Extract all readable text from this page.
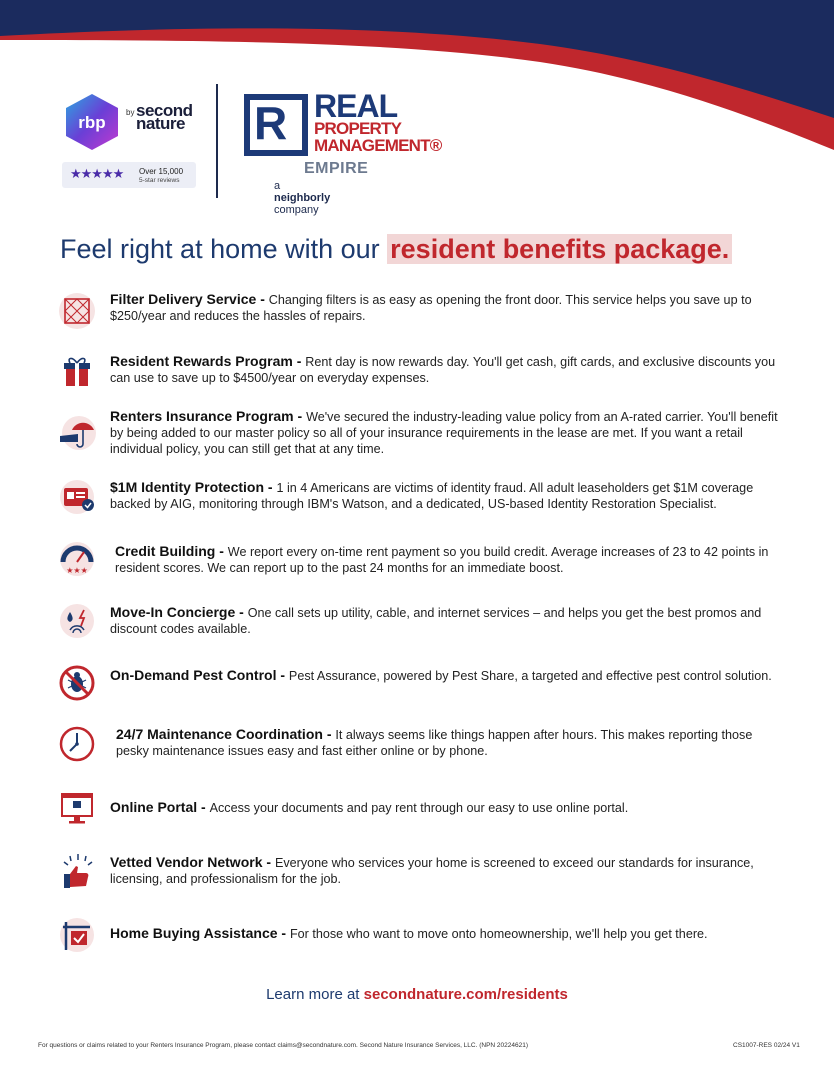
rbp
by second nature
★★★★★ Over 15,000
5-star reviews
R REAL
PROPERTY
MANAGEMENT®
EMPIRE
a neighborly company
Feel right at home with our resident benefits package.
Filter Delivery Service - Changing filters is as easy as opening the front door. This service helps you save up to $250/year and reduces the hassles of repairs.
Resident Rewards Program - Rent day is now rewards day. You'll get cash, gift cards, and exclusive discounts you can use to save up to $4500/year on everyday expenses.
Renters Insurance Program - We've secured the industry-leading value policy from an A-rated carrier. You'll benefit by being added to our master policy so all of your insurance requirements in the lease are met. If you want a retail individual policy, you can still get that at any time.
$1M Identity Protection - 1 in 4 Americans are victims of identity fraud. All adult leaseholders get $1M coverage backed by AIG, monitoring through IBM's Watson, and a dedicated, US-based Identity Restoration Specialist.
★★★
Credit Building - We report every on-time rent payment so you build credit. Average increases of 23 to 42 points in resident scores. We can report up to the past 24 months for an immediate boost.
Move-In Concierge - One call sets up utility, cable, and internet services – and helps you get the best promos and discount codes available.
On-Demand Pest Control - Pest Assurance, powered by Pest Share, a targeted and effective pest control solution.
24/7 Maintenance Coordination - It always seems like things happen after hours. This makes reporting those pesky maintenance issues easy and fast either online or by phone.
Online Portal - Access your documents and pay rent through our easy to use online portal.
Vetted Vendor Network - Everyone who services your home is screened to exceed our standards for insurance, licensing, and professionalism for the job.
Home Buying Assistance - For those who want to move onto homeownership, we'll help you get there.
Learn more at secondnature.com/residents
For questions or claims related to your Renters Insurance Program, please contact claims@secondnature.com. Second Nature Insurance Services, LLC. (NPN 20224621)	CS1007-RES 02/24 V1
